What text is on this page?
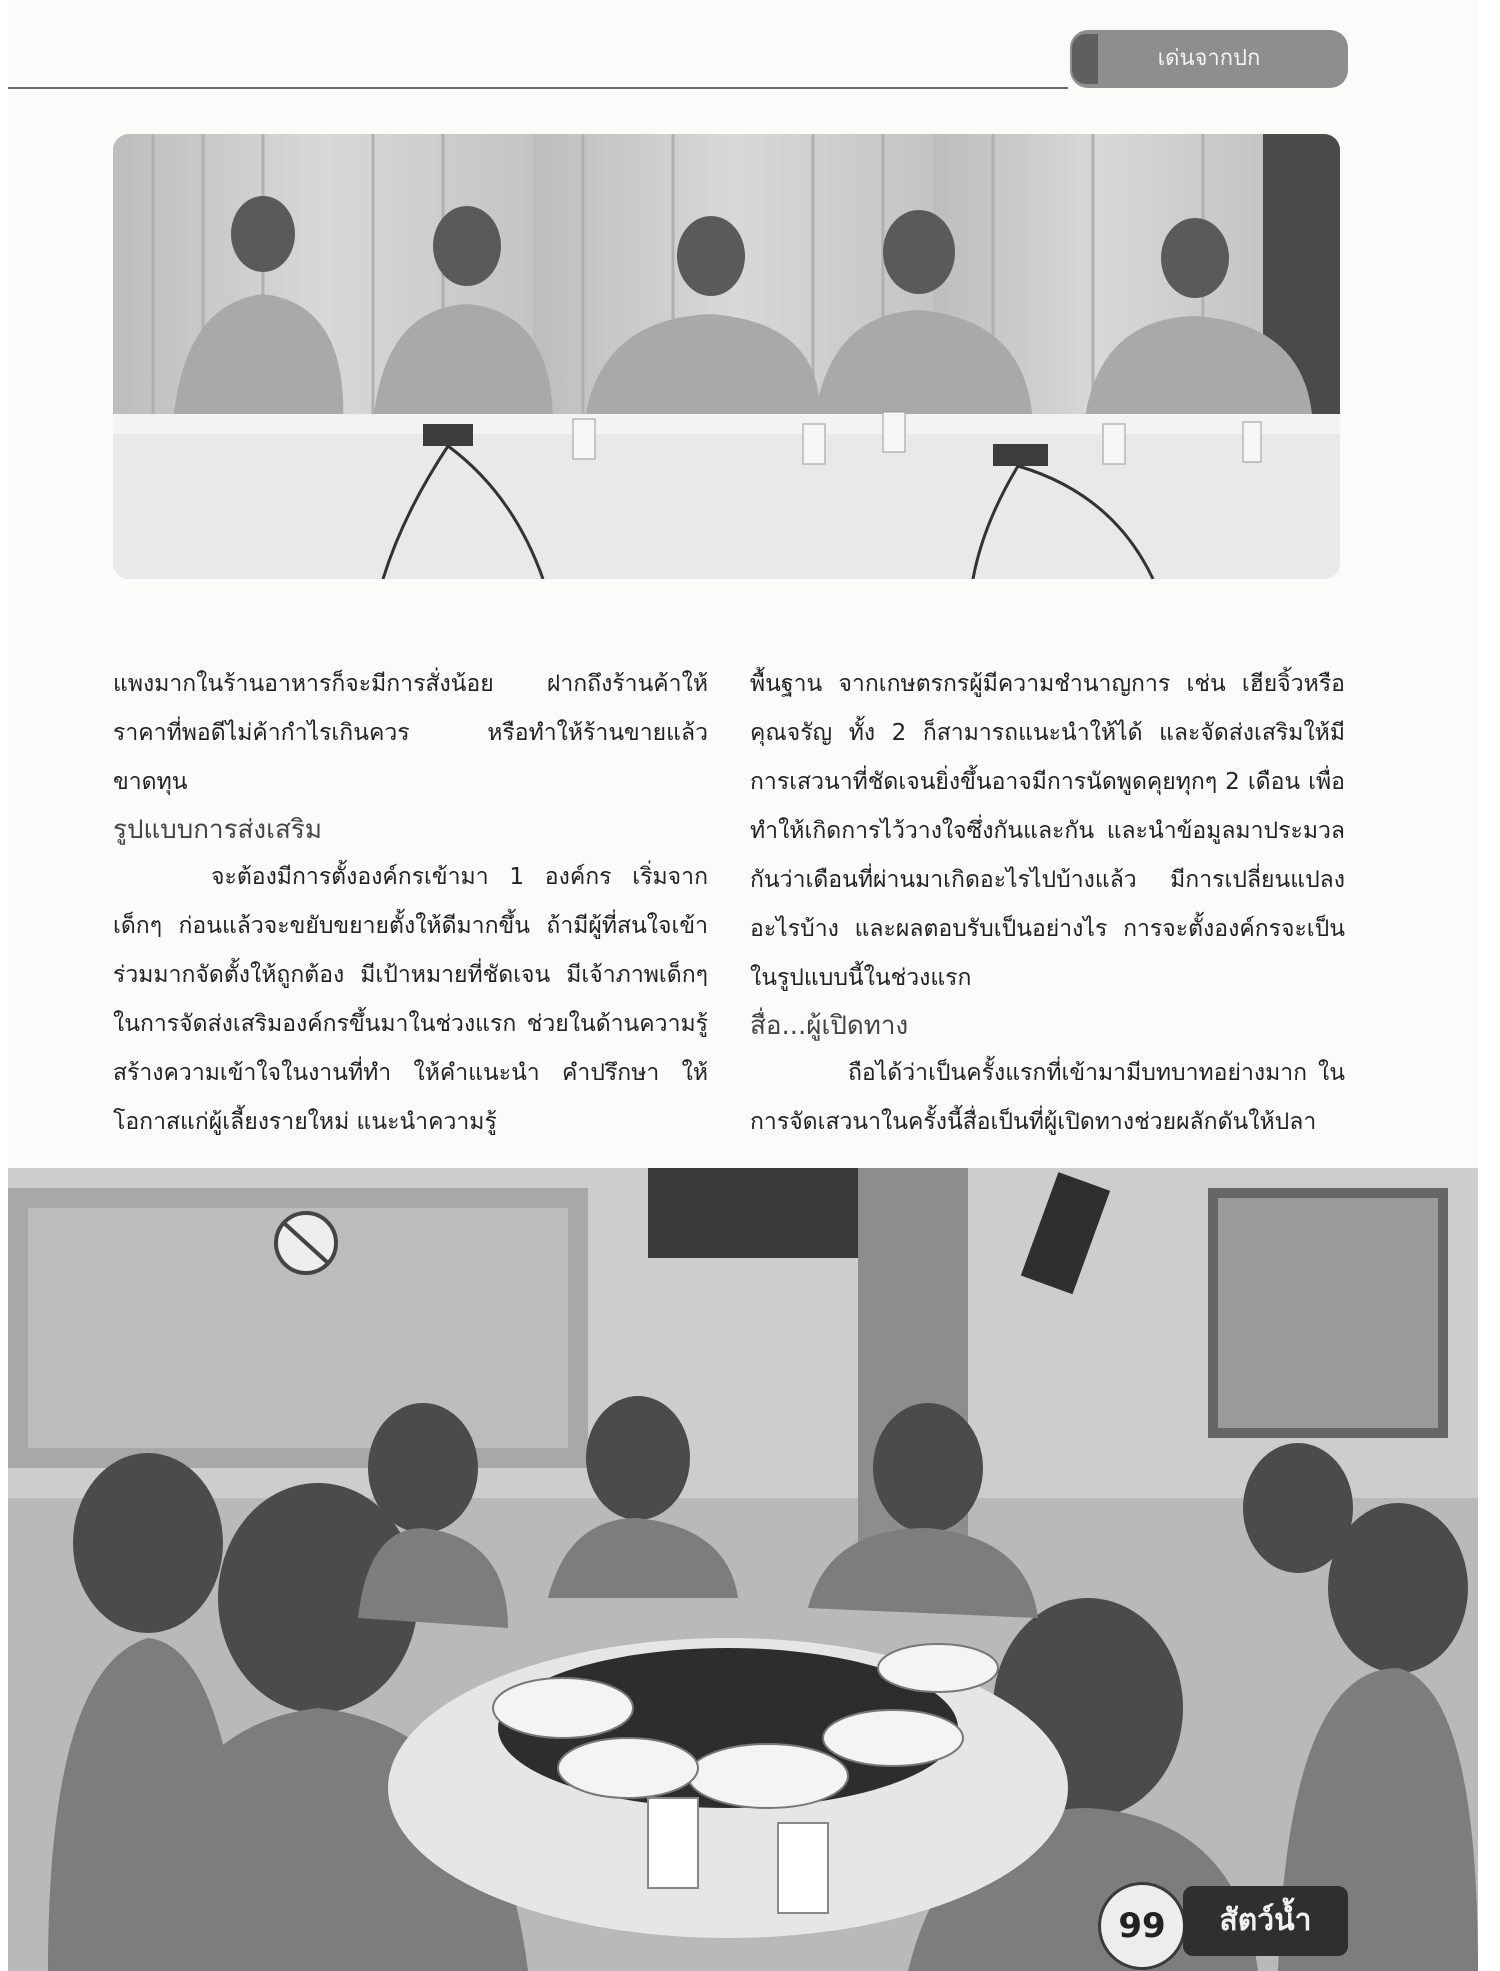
เด่นจากปก

แพงมากในร้านอาหารก็จะมีการสั่งน้อย ฝากถึงร้านค้าให้ราคาที่พอดีไม่ค้ากำไรเกินควร หรือทำให้ร้านขายแล้วขาดทุน

รูปแบบการส่งเสริม

จะต้องมีการตั้งองค์กรเข้ามา 1 องค์กร เริ่มจากเด็กๆ ก่อนแล้วจะขยับขยายตั้งให้ดีมากขึ้น ถ้ามีผู้ที่สนใจเข้าร่วมมากจัดตั้งให้ถูกต้อง มีเป้าหมายที่ชัดเจน มีเจ้าภาพเด็กๆ ในการจัดส่งเสริมองค์กรขึ้นมาในช่วงแรก ช่วยในด้านความรู้ สร้างความเข้าใจในงานที่ทำ ให้คำแนะนำ คำปรึกษา ให้โอกาสแก่ผู้เลี้ยงรายใหม่ แนะนำความรู้

พื้นฐาน จากเกษตรกรผู้มีความชำนาญการ เช่น เฮียจิ้วหรือคุณจรัญ ทั้ง 2 ก็สามารถแนะนำให้ได้ และจัดส่งเสริมให้มีการเสวนาที่ชัดเจนยิ่งขึ้นอาจมีการนัดพูดคุยทุกๆ 2 เดือน เพื่อทำให้เกิดการไว้วางใจซึ่งกันและกัน และนำข้อมูลมาประมวลกันว่าเดือนที่ผ่านมาเกิดอะไรไปบ้างแล้ว มีการเปลี่ยนแปลงอะไรบ้าง และผลตอบรับเป็นอย่างไร การจะตั้งองค์กรจะเป็นในรูปแบบนี้ในช่วงแรก

สื่อ...ผู้เปิดทาง

ถือได้ว่าเป็นครั้งแรกที่เข้ามามีบทบาทอย่างมาก ในการจัดเสวนาในครั้งนี้สื่อเป็นที่ผู้เปิดทางช่วยผลักดันให้ปลา

99	สัตว์น้ำ
